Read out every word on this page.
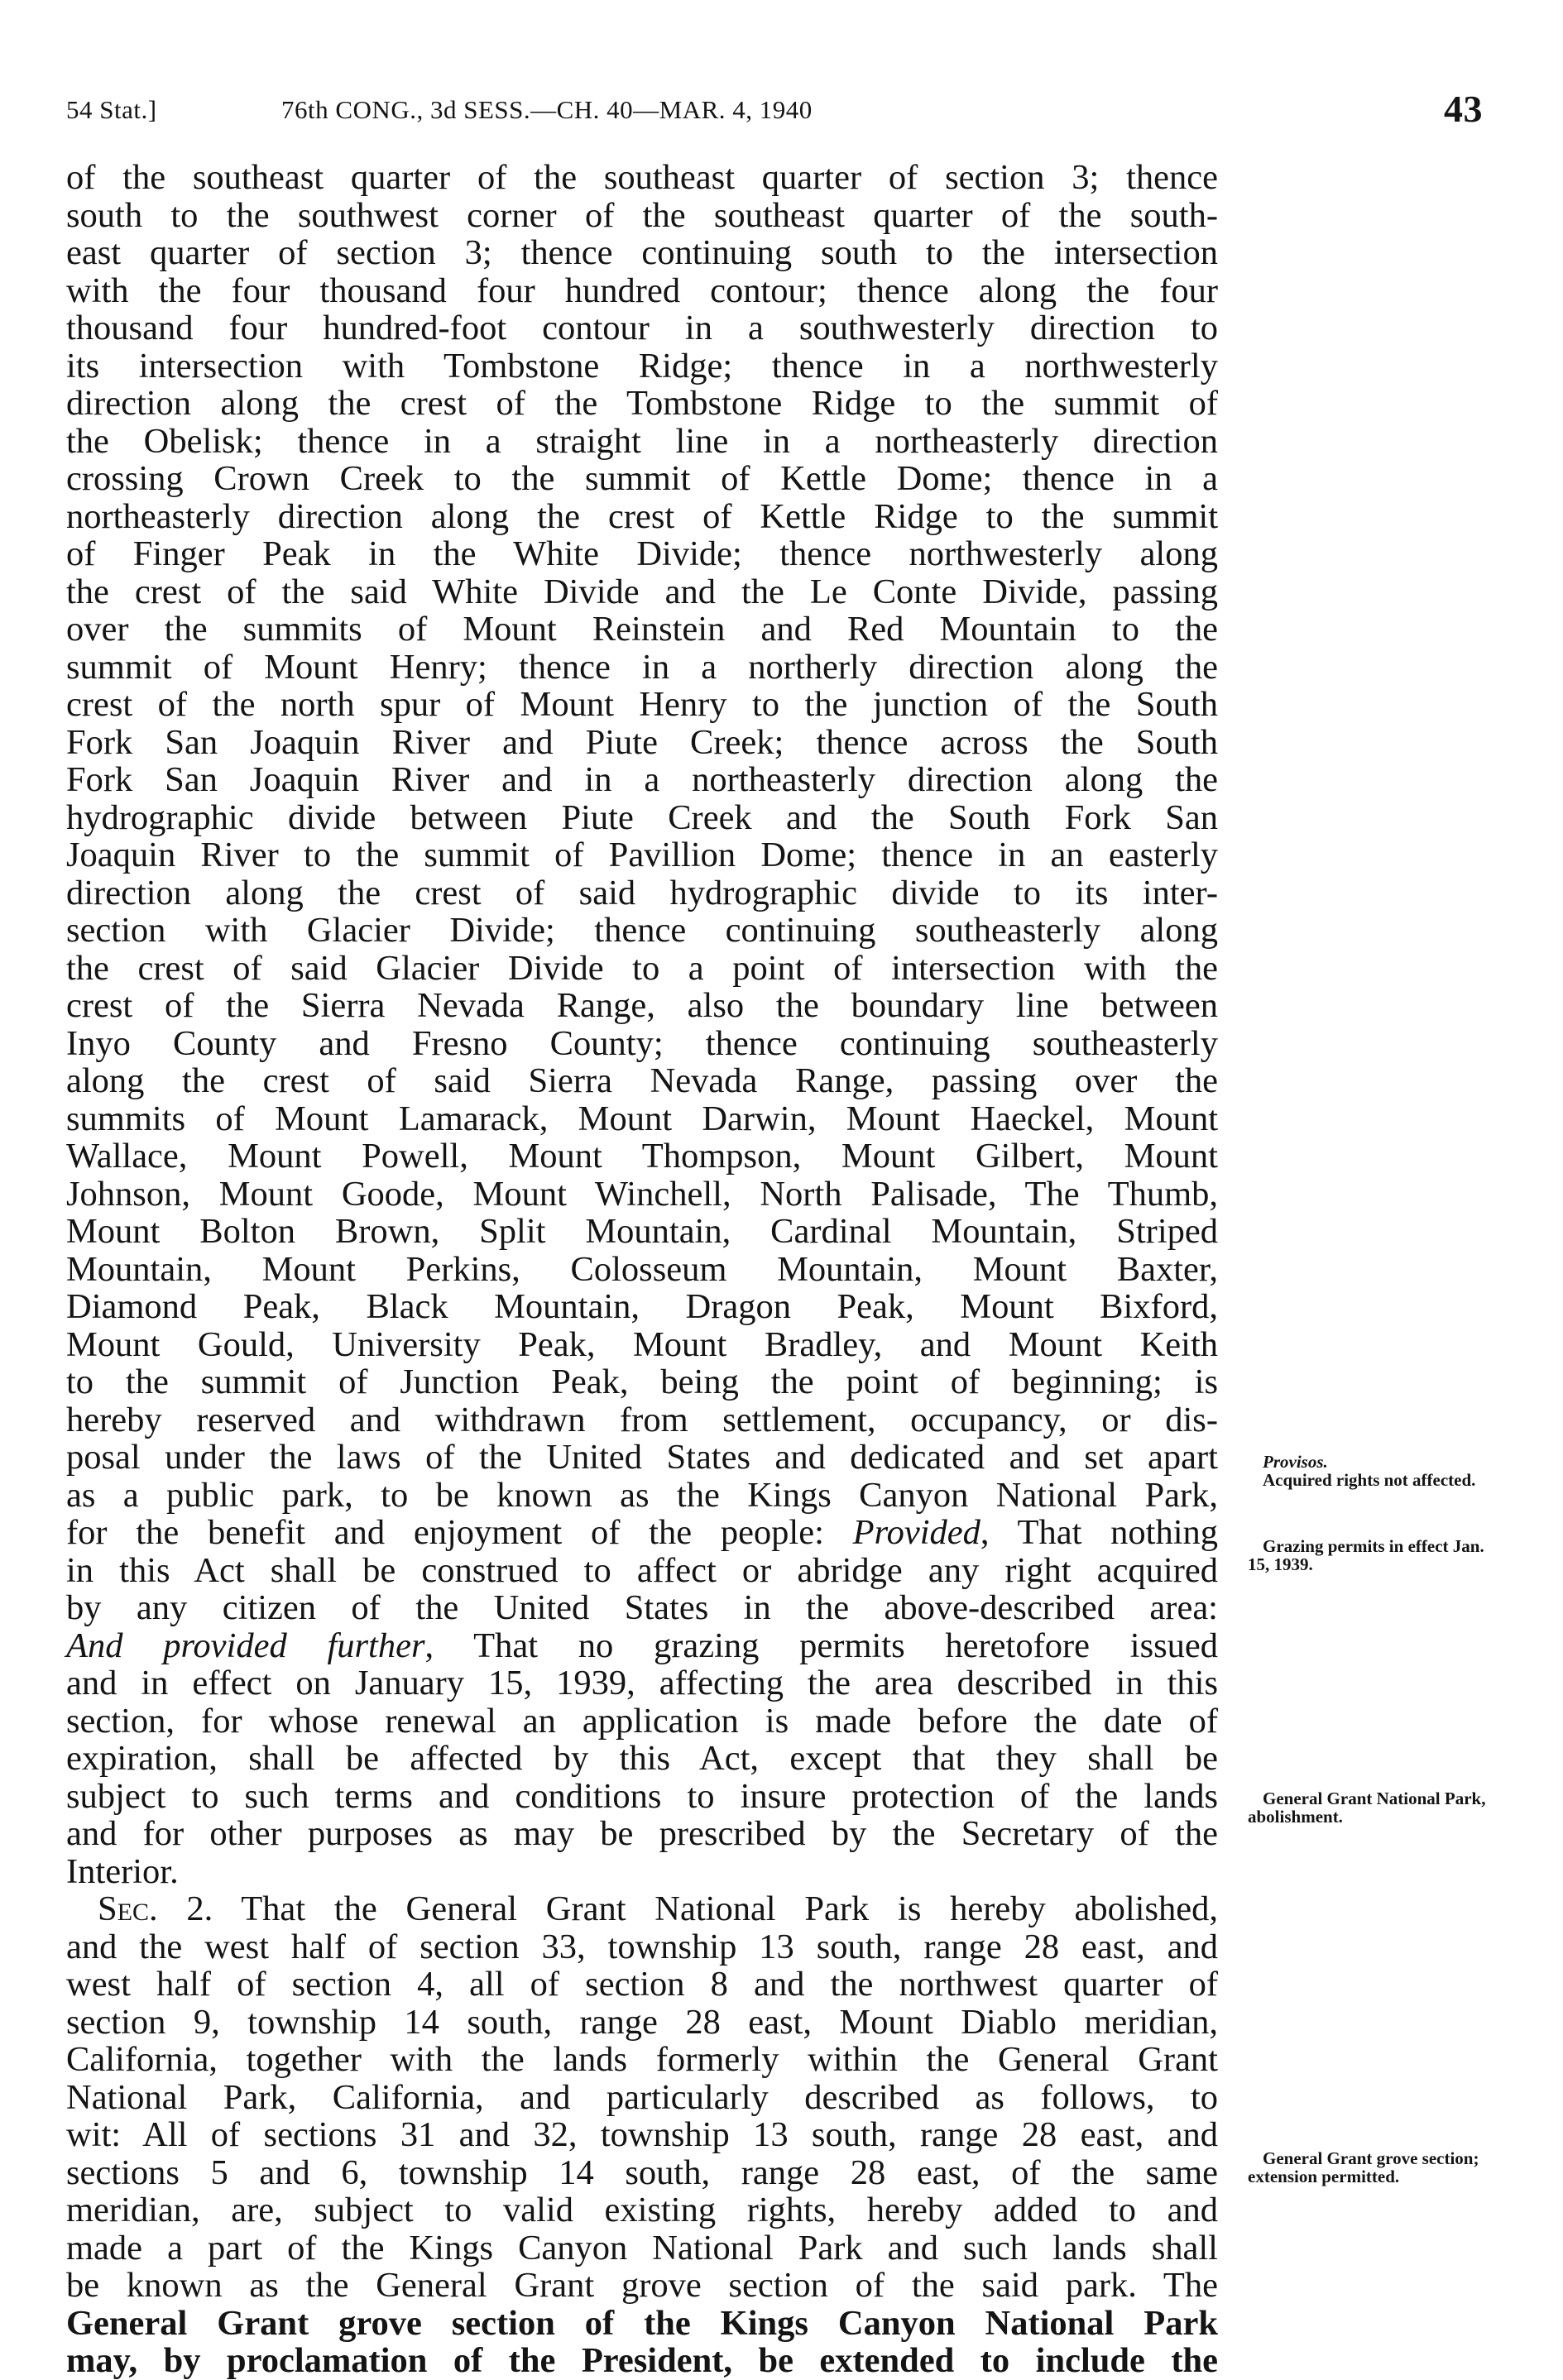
54 Stat.]	76th CONG., 3d SESS.—CH. 40—MAR. 4, 1940	43
of the southeast quarter of the southeast quarter of section 3; thence
south to the southwest corner of the southeast quarter of the south-
east quarter of section 3; thence continuing south to the intersection
with the four thousand four hundred contour; thence along the four
thousand four hundred-foot contour in a southwesterly direction to
its intersection with Tombstone Ridge; thence in a northwesterly
direction along the crest of the Tombstone Ridge to the summit of
the Obelisk; thence in a straight line in a northeasterly direction
crossing Crown Creek to the summit of Kettle Dome; thence in a
northeasterly direction along the crest of Kettle Ridge to the summit
of Finger Peak in the White Divide; thence northwesterly along
the crest of the said White Divide and the Le Conte Divide, passing
over the summits of Mount Reinstein and Red Mountain to the
summit of Mount Henry; thence in a northerly direction along the
crest of the north spur of Mount Henry to the junction of the South
Fork San Joaquin River and Piute Creek; thence across the South
Fork San Joaquin River and in a northeasterly direction along the
hydrographic divide between Piute Creek and the South Fork San
Joaquin River to the summit of Pavillion Dome; thence in an easterly
direction along the crest of said hydrographic divide to its inter-
section with Glacier Divide; thence continuing southeasterly along
the crest of said Glacier Divide to a point of intersection with the
crest of the Sierra Nevada Range, also the boundary line between
Inyo County and Fresno County; thence continuing southeasterly
along the crest of said Sierra Nevada Range, passing over the
summits of Mount Lamarack, Mount Darwin, Mount Haeckel, Mount
Wallace, Mount Powell, Mount Thompson, Mount Gilbert, Mount
Johnson, Mount Goode, Mount Winchell, North Palisade, The Thumb,
Mount Bolton Brown, Split Mountain, Cardinal Mountain, Striped
Mountain, Mount Perkins, Colosseum Mountain, Mount Baxter,
Diamond Peak, Black Mountain, Dragon Peak, Mount Bixford,
Mount Gould, University Peak, Mount Bradley, and Mount Keith
to the summit of Junction Peak, being the point of beginning; is
hereby reserved and withdrawn from settlement, occupancy, or dis-
posal under the laws of the United States and dedicated and set apart
as a public park, to be known as the Kings Canyon National Park,
for the benefit and enjoyment of the people: Provided, That nothing
in this Act shall be construed to affect or abridge any right acquired
by any citizen of the United States in the above-described area:
And provided further, That no grazing permits heretofore issued
and in effect on January 15, 1939, affecting the area described in this
section, for whose renewal an application is made before the date of
expiration, shall be affected by this Act, except that they shall be
subject to such terms and conditions to insure protection of the lands
and for other purposes as may be prescribed by the Secretary of the
Interior.
Sec. 2. That the General Grant National Park is hereby abolished,
and the west half of section 33, township 13 south, range 28 east, and
west half of section 4, all of section 8 and the northwest quarter of
section 9, township 14 south, range 28 east, Mount Diablo meridian,
California, together with the lands formerly within the General Grant
National Park, California, and particularly described as follows, to
wit: All of sections 31 and 32, township 13 south, range 28 east, and
sections 5 and 6, township 14 south, range 28 east, of the same
meridian, are, subject to valid existing rights, hereby added to and
made a part of the Kings Canyon National Park and such lands shall
be known as the General Grant grove section of the said park. The
General Grant grove section of the Kings Canyon National Park
may, by proclamation of the President, be extended to include the
Provisos.
Acquired rights not affected.
Grazing permits in effect Jan. 15, 1939.
General Grant National Park, abolishment.
General Grant grove section; extension permitted.
